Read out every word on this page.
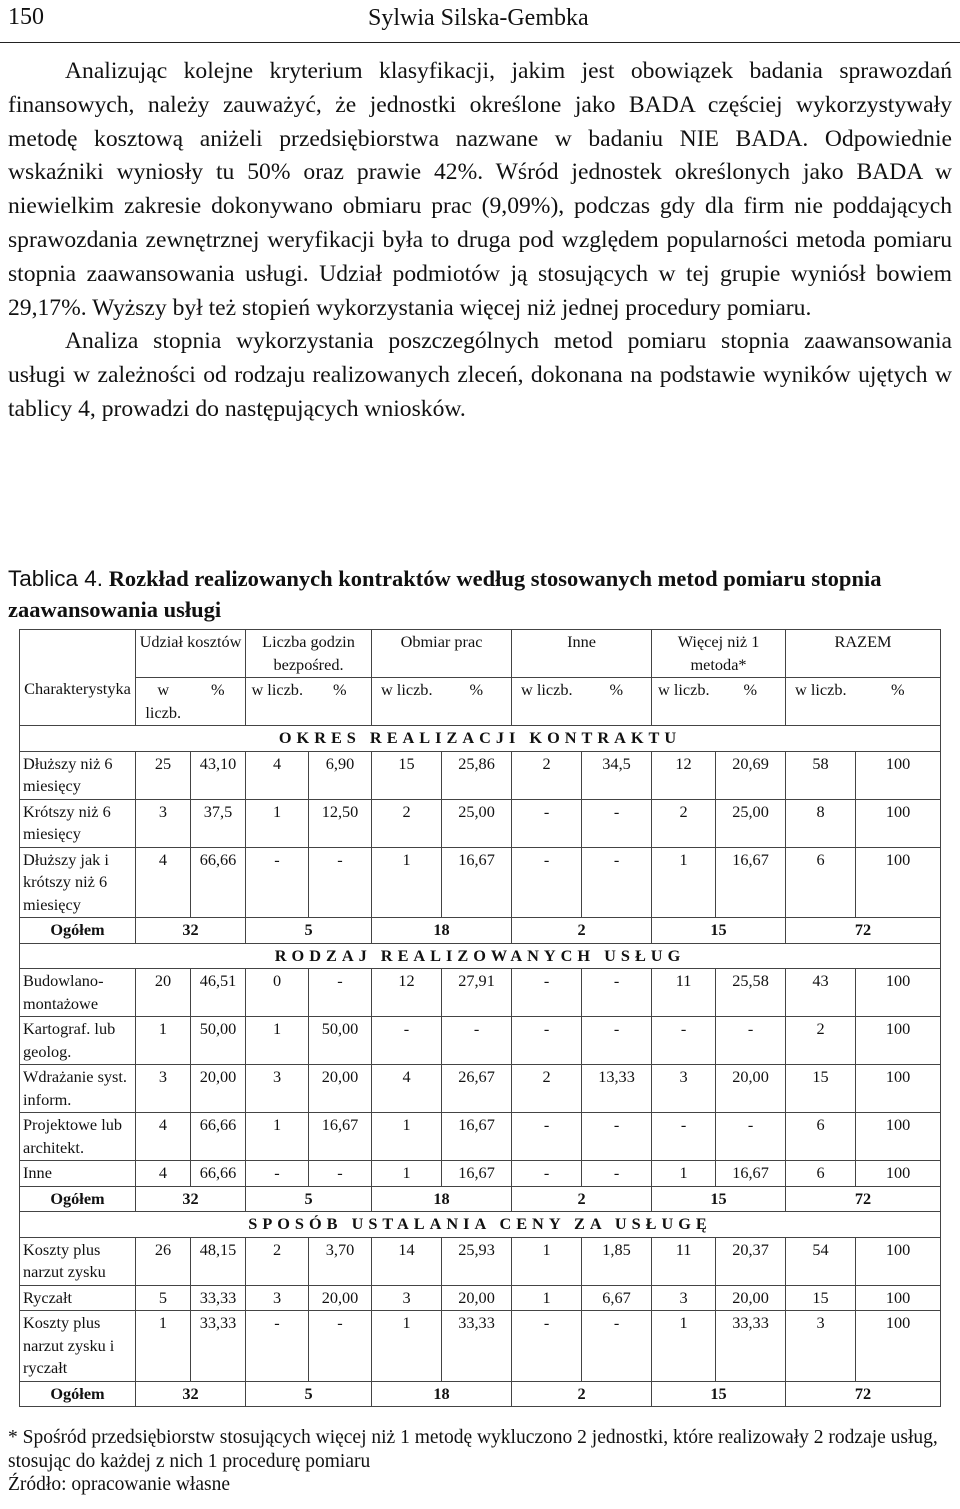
150	Sylwia Silska-Gembka

Analizując kolejne kryterium klasyfikacji, jakim jest obowiązek badania sprawozdań finansowych, należy zauważyć, że jednostki określone jako BADA częściej wykorzystywały metodę kosztową aniżeli przedsiębiorstwa nazwane w badaniu NIE BADA. Odpowiednie wskaźniki wyniosły tu 50% oraz prawie 42%. Wśród jednostek określonych jako BADA w niewielkim zakresie dokonywano obmiaru prac (9,09%), podczas gdy dla firm nie poddających sprawozdania zewnętrznej weryfikacji była to druga pod względem popularności metoda pomiaru stopnia zaawansowania usługi. Udział podmiotów ją stosujących w tej grupie wyniósł bowiem 29,17%. Wyższy był też stopień wykorzystania więcej niż jednej procedury pomiaru.

Analiza stopnia wykorzystania poszczególnych metod pomiaru stopnia zaawansowania usługi w zależności od rodzaju realizowanych zleceń, dokonana na podstawie wyników ujętych w tablicy 4, prowadzi do następujących wniosków.

Tablica 4. Rozkład realizowanych kontraktów według stosowanych metod pomiaru stopnia zaawansowania usługi
Charakterystyka	Udział kosztów		Liczba godzin bezpośred.		Obmiar prac		Inne		Więcej niż 1 metoda*		RAZEM	
	w liczb.	%	w liczb.	%	w liczb.	%	w liczb.	%	w liczb.	%	w liczb.	%
OKRES REALIZACJI KONTRAKTU												
Dłuższy niż 6 miesięcy	25	43,10	4	6,90	15	25,86	2	34,5	12	20,69	58	100
Krótszy niż 6 miesięcy	3	37,5	1	12,50	2	25,00	-	-	2	25,00	8	100
Dłuższy jak i krótszy niż 6 miesięcy	4	66,66	-	-	1	16,67	-	-	1	16,67	6	100
Ogółem	32		5		18		2		15		72	
RODZAJ REALIZOWANYCH USŁUG												
Budowlano-montażowe	20	46,51	0	-	12	27,91	-	-	11	25,58	43	100
Kartograf. lub geolog.	1	50,00	1	50,00	-	-	-	-	-	-	2	100
Wdrażanie syst. inform.	3	20,00	3	20,00	4	26,67	2	13,33	3	20,00	15	100
Projektowe lub architekt.	4	66,66	1	16,67	1	16,67	-	-	-	-	6	100
Inne	4	66,66	-	-	1	16,67	-	-	1	16,67	6	100
Ogółem	32		5		18		2		15		72	
SPOSÓB USTALANIA CENY ZA USŁUGĘ												
Koszty plus narzut zysku	26	48,15	2	3,70	14	25,93	1	1,85	11	20,37	54	100
Ryczałt	5	33,33	3	20,00	3	20,00	1	6,67	3	20,00	15	100
Koszty plus narzut zysku i ryczałt	1	33,33	-	-	1	33,33	-	-	1	33,33	3	100
Ogółem	32		5		18		2		15		72	
* Spośród przedsiębiorstw stosujących więcej niż 1 metodę wykluczono 2 jednostki, które realizowały 2 rodzaje usług, stosując do każdej z nich 1 procedurę pomiaru
Źródło: opracowanie własne
